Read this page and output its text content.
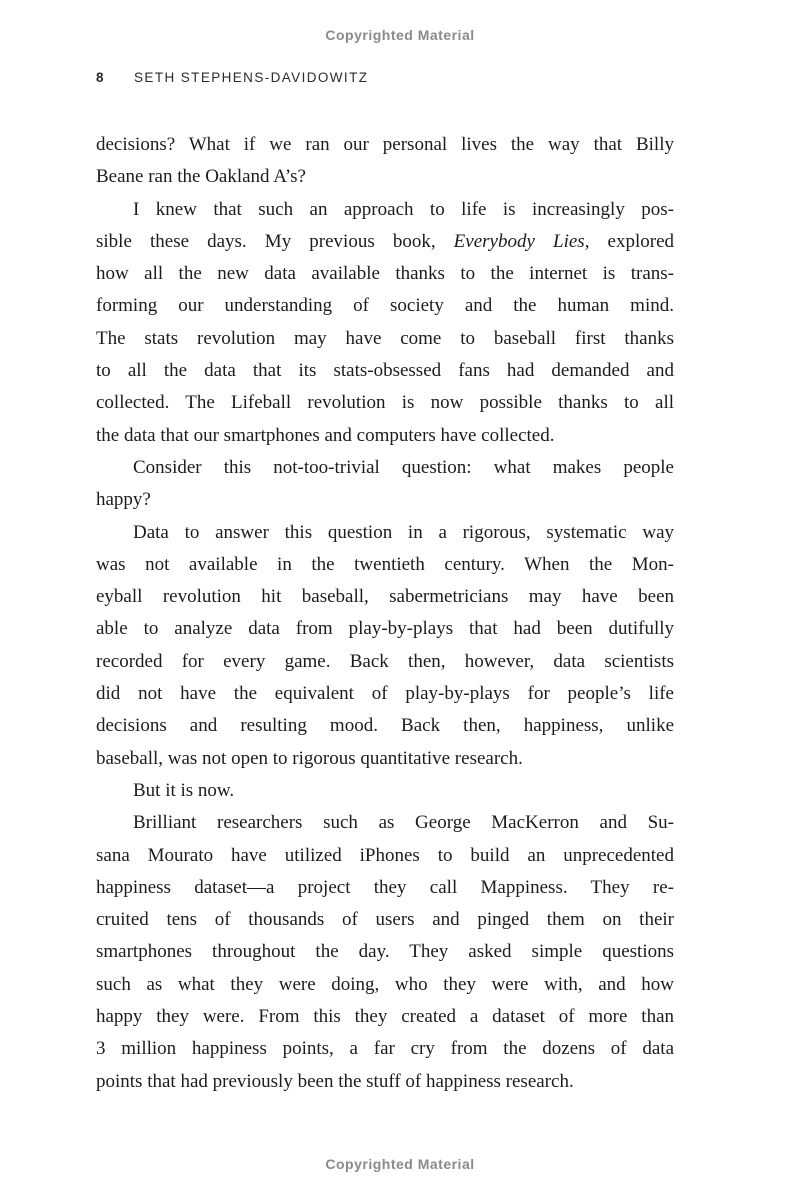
Copyrighted Material
8 SETH STEPHENS-DAVIDOWITZ
decisions? What if we ran our personal lives the way that Billy
Beane ran the Oakland A’s?
I knew that such an approach to life is increasingly pos-
sible these days. My previous book, Everybody Lies, explored
how all the new data available thanks to the internet is trans-
forming our understanding of society and the human mind.
The stats revolution may have come to baseball first thanks
to all the data that its stats-obsessed fans had demanded and
collected. The Lifeball revolution is now possible thanks to all
the data that our smartphones and computers have collected.
Consider this not-too-trivial question: what makes people
happy?
Data to answer this question in a rigorous, systematic way
was not available in the twentieth century. When the Mon-
eyball revolution hit baseball, sabermetricians may have been
able to analyze data from play-by-plays that had been dutifully
recorded for every game. Back then, however, data scientists
did not have the equivalent of play-by-plays for people’s life
decisions and resulting mood. Back then, happiness, unlike
baseball, was not open to rigorous quantitative research.
But it is now.
Brilliant researchers such as George MacKerron and Su-
sana Mourato have utilized iPhones to build an unprecedented
happiness dataset—a project they call Mappiness. They re-
cruited tens of thousands of users and pinged them on their
smartphones throughout the day. They asked simple questions
such as what they were doing, who they were with, and how
happy they were. From this they created a dataset of more than
3 million happiness points, a far cry from the dozens of data
points that had previously been the stuff of happiness research.
Copyrighted Material
